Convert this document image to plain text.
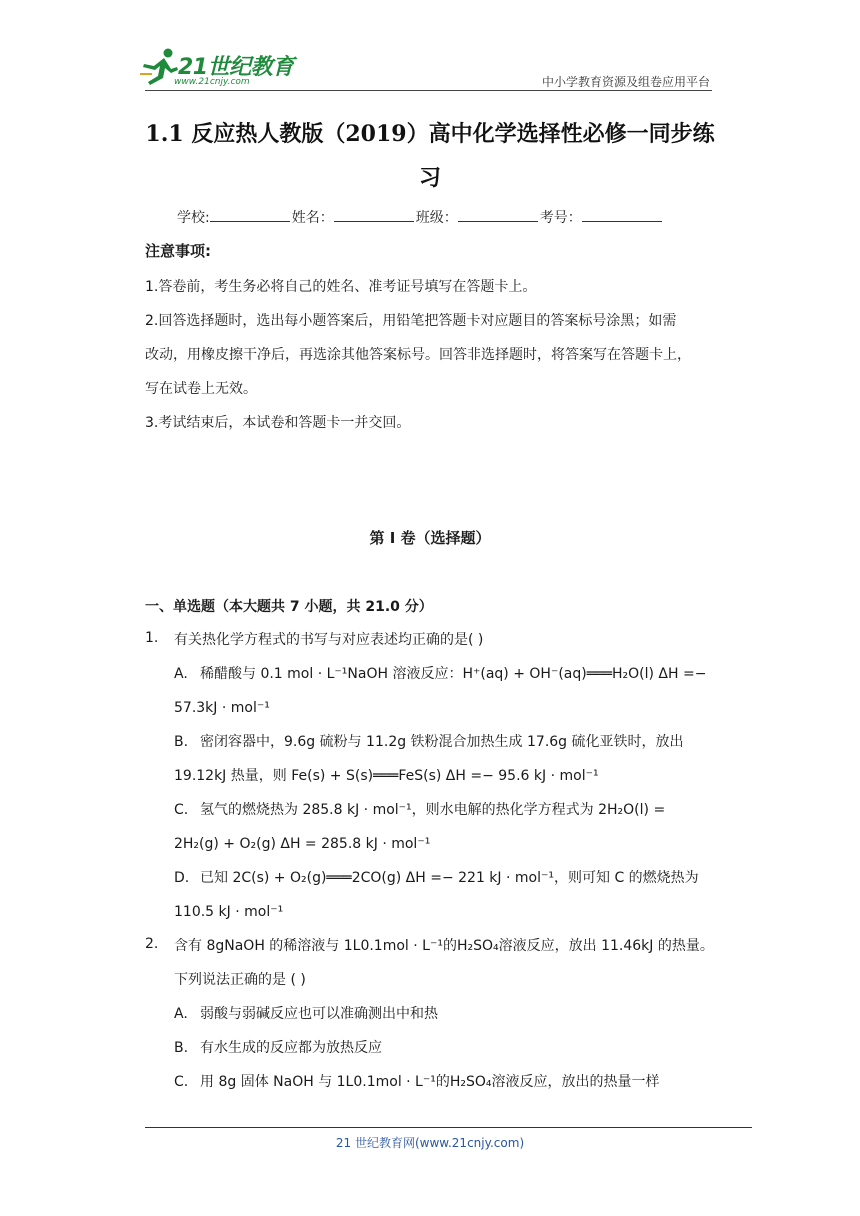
21世纪教育
www.21cnjy.com	中小学教育资源及组卷应用平台
1.1 反应热人教版（2019）高中化学选择性必修一同步练
习
学校:	姓名：	班级：	考号：
注意事项:

1.答卷前，考生务必将自己的姓名、准考证号填写在答题卡上。

2.回答选择题时，选出每小题答案后，用铅笔把答题卡对应题目的答案标号涂黑；如需

改动，用橡皮擦干净后，再选涂其他答案标号。回答非选择题时，将答案写在答题卡上，

写在试卷上无效。

3.考试结束后，本试卷和答题卡一并交回。

第 I 卷（选择题）
一、单选题（本大题共 7 小题，共 21.0 分）
1. 有关热化学方程式的书写与对应表述均正确的是( )
A. 稀醋酸与 0.1 mol · L⁻¹NaOH 溶液反应：H⁺(aq) + OH⁻(aq)═══H₂O(l) ΔH =−
57.3kJ · mol⁻¹
B. 密闭容器中，9.6g 硫粉与 11.2g 铁粉混合加热生成 17.6g 硫化亚铁时，放出
19.12kJ 热量，则 Fe(s) + S(s)═══FeS(s) ΔH =− 95.6 kJ · mol⁻¹
C. 氢气的燃烧热为 285.8 kJ · mol⁻¹，则水电解的热化学方程式为 2H₂O(l) =
2H₂(g) + O₂(g) ΔH = 285.8 kJ · mol⁻¹
D. 已知 2C(s) + O₂(g)═══2CO(g) ΔH =− 221 kJ · mol⁻¹，则可知 C 的燃烧热为
110.5 kJ · mol⁻¹
2. 含有 8gNaOH 的稀溶液与 1L0.1mol · L⁻¹的H₂SO₄溶液反应，放出 11.46kJ 的热量。
下列说法正确的是 ( )
A. 弱酸与弱碱反应也可以准确测出中和热
B. 有水生成的反应都为放热反应
C. 用 8g 固体 NaOH 与 1L0.1mol · L⁻¹的H₂SO₄溶液反应，放出的热量一样
21 世纪教育网(www.21cnjy.com)
